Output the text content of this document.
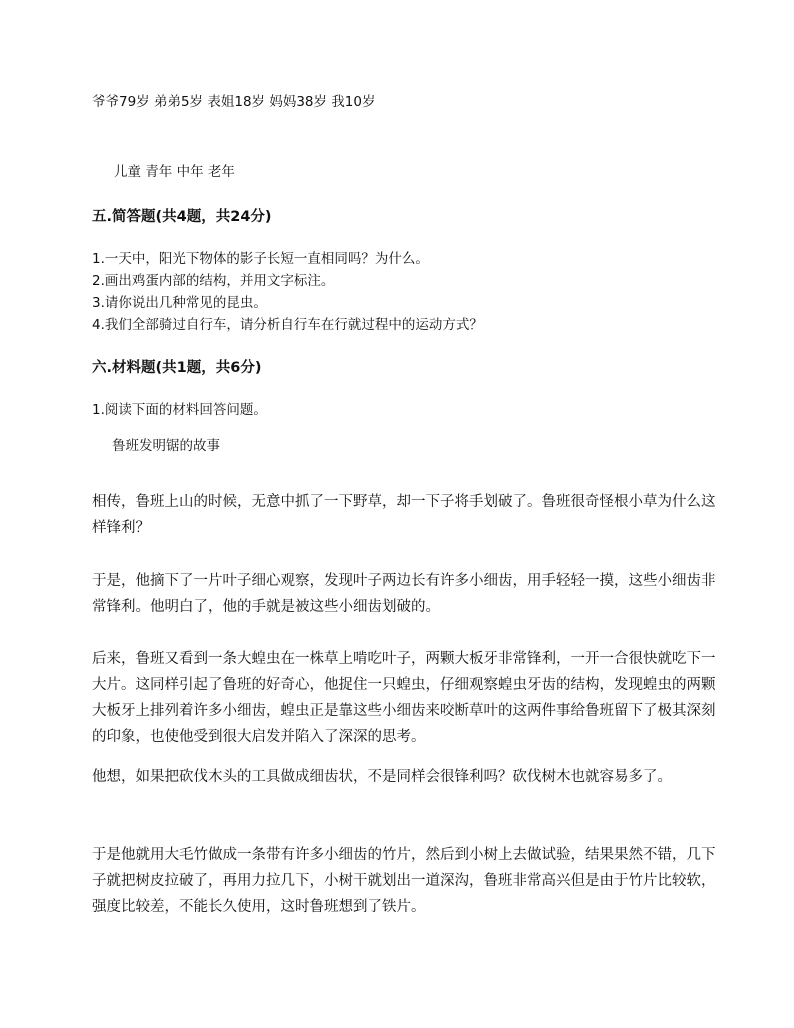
爷爷79岁 弟弟5岁 表姐18岁 妈妈38岁 我10岁
儿童 青年 中年 老年
五.简答题(共4题，共24分)
1.一天中，阳光下物体的影子长短一直相同吗？为什么。
2.画出鸡蛋内部的结构，并用文字标注。
3.请你说出几种常见的昆虫。
4.我们全部骑过自行车，请分析自行车在行就过程中的运动方式？
六.材料题(共1题，共6分)
1.阅读下面的材料回答问题。
鲁班发明锯的故事
相传，鲁班上山的时候，无意中抓了一下野草，却一下子将手划破了。鲁班很奇怪根小草为什么这样锋利？
于是，他摘下了一片叶子细心观察，发现叶子两边长有许多小细齿，用手轻轻一摸，这些小细齿非常锋利。他明白了，他的手就是被这些小细齿划破的。
后来，鲁班又看到一条大蝗虫在一株草上啃吃叶子，两颗大板牙非常锋利，一开一合很快就吃下一大片。这同样引起了鲁班的好奇心，他捉住一只蝗虫，仔细观察蝗虫牙齿的结构，发现蝗虫的两颗大板牙上排列着许多小细齿，蝗虫正是靠这些小细齿来咬断草叶的这两件事给鲁班留下了极其深刻的印象，也使他受到很大启发并陷入了深深的思考。
他想，如果把砍伐木头的工具做成细齿状，不是同样会很锋利吗？砍伐树木也就容易多了。
于是他就用大毛竹做成一条带有许多小细齿的竹片，然后到小树上去做试验，结果果然不错，几下子就把树皮拉破了，再用力拉几下，小树干就划出一道深沟，鲁班非常高兴但是由于竹片比较软，强度比较差，不能长久使用，这时鲁班想到了铁片。
